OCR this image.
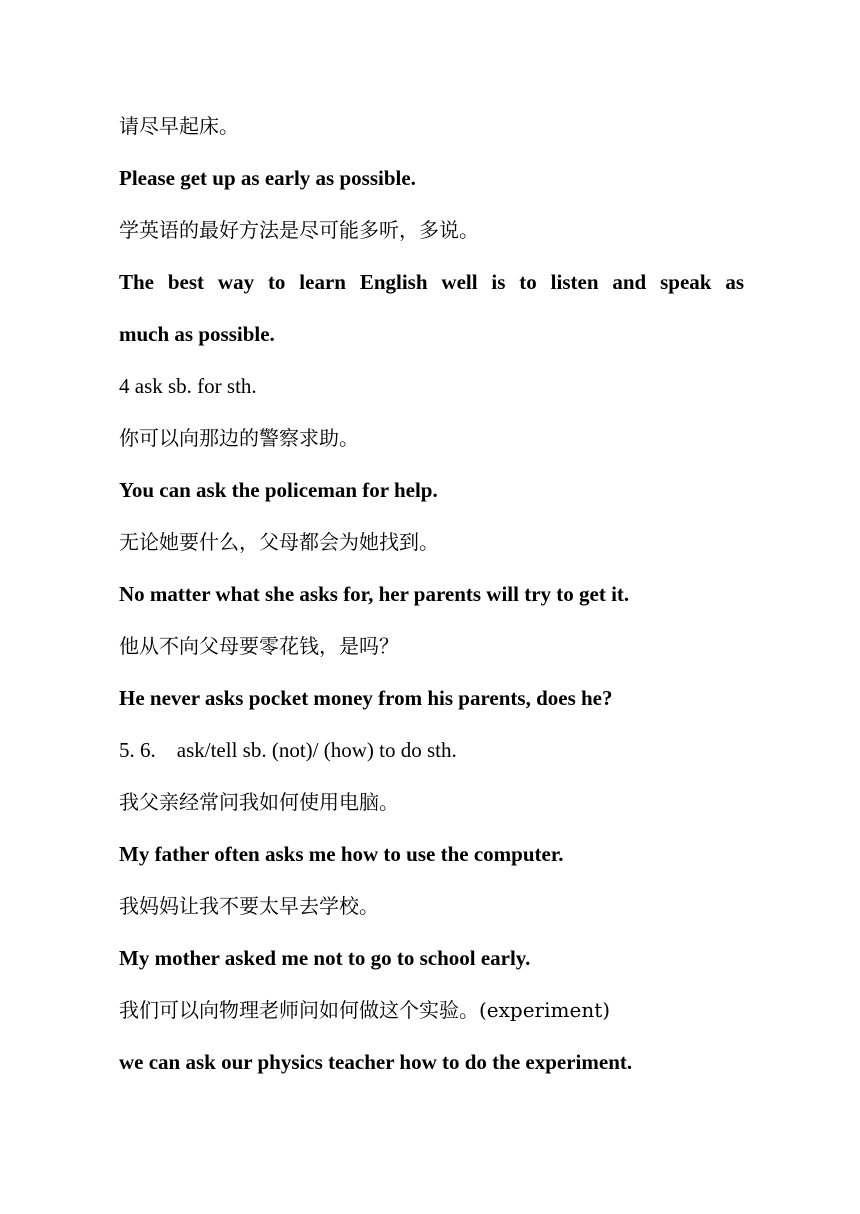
请尽早起床。
Please get up as early as possible.
学英语的最好方法是尽可能多听，多说。
The best way to learn English well is to listen and speak as
much as possible.
4 ask sb. for sth.
你可以向那边的警察求助。
You can ask the policeman for help.
无论她要什么，父母都会为她找到。
No matter what she asks for, her parents will try to get it.
他从不向父母要零花钱，是吗？
He never asks pocket money from his parents, does he?
5. 6.    ask/tell sb. (not)/ (how) to do sth.
我父亲经常问我如何使用电脑。
My father often asks me how to use the computer.
我妈妈让我不要太早去学校。
My mother asked me not to go to school early.
我们可以向物理老师问如何做这个实验。(experiment)
we can ask our physics teacher how to do the experiment.
